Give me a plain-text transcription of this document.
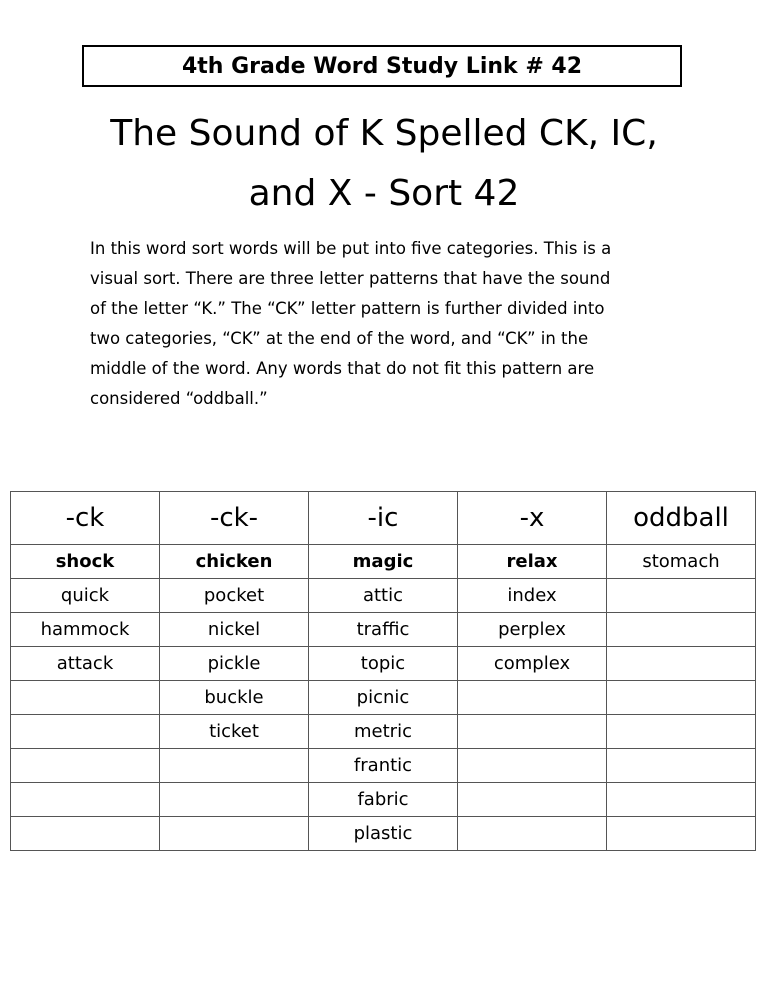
4th Grade Word Study Link # 42
The Sound of K Spelled CK, IC,
and X - Sort 42
In this word sort words will be put into five categories. This is a
visual sort. There are three letter patterns that have the sound
of the letter “K.” The “CK” letter pattern is further divided into
two categories, “CK” at the end of the word, and “CK” in the
middle of the word. Any words that do not fit this pattern are
considered “oddball.”
-ck	-ck-	-ic	-x	oddball
shock	chicken	magic	relax	stomach
quick	pocket	attic	index	
hammock	nickel	traffic	perplex	
attack	pickle	topic	complex	
	buckle	picnic		
	ticket	metric		
		frantic		
		fabric		
		plastic		
